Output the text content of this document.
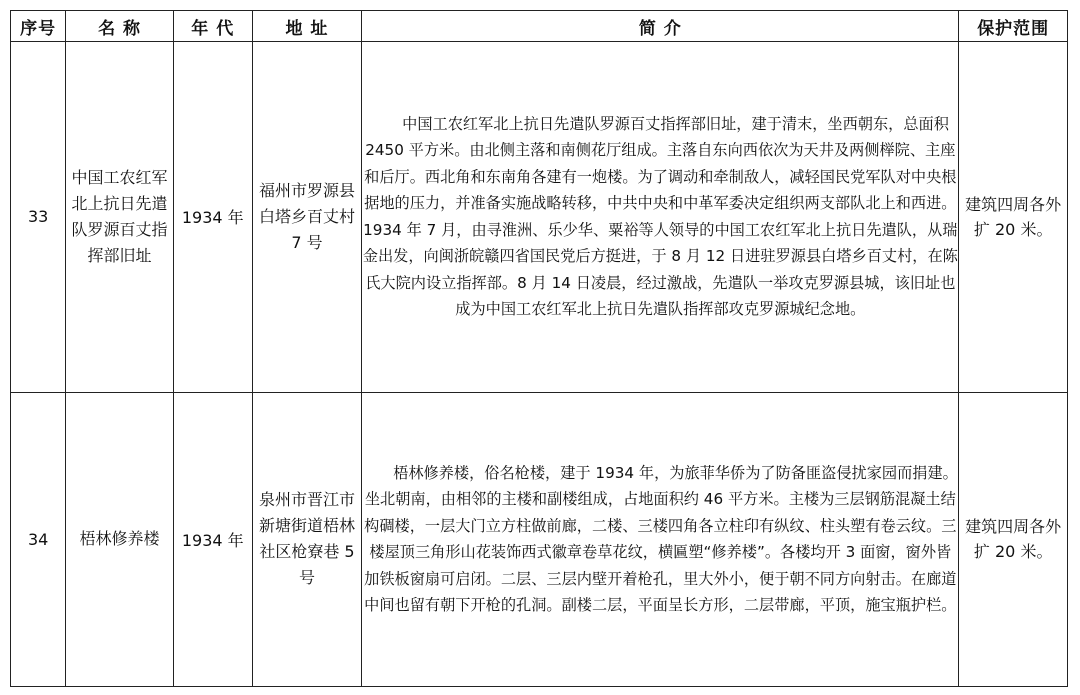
序号	名 称	年 代	地 址	简 介	保护范围
33	中国工农红军北上抗日先遣队罗源百丈指挥部旧址	1934 年	福州市罗源县白塔乡百丈村 7 号	中国工农红军北上抗日先遣队罗源百丈指挥部旧址，建于清末，坐西朝东，总面积 2450 平方米。由北侧主落和南侧花厅组成。主落自东向西依次为天井及两侧榉院、主座和后厅。西北角和东南角各建有一炮楼。为了调动和牵制敌人，减轻国民党军队对中央根据地的压力，并准备实施战略转移，中共中央和中革军委决定组织两支部队北上和西进。1934 年 7 月，由寻淮洲、乐少华、粟裕等人领导的中国工农红军北上抗日先遣队，从瑞金出发，向闽浙皖赣四省国民党后方挺进，于 8 月 12 日进驻罗源县白塔乡百丈村，在陈氏大院内设立指挥部。8 月 14 日凌晨，经过激战，先遣队一举攻克罗源县城，该旧址也成为中国工农红军北上抗日先遣队指挥部攻克罗源城纪念地。	建筑四周各外扩 20 米。
34	梧林修养楼	1934 年	泉州市晋江市新塘街道梧林社区枪寮巷 5 号	梧林修养楼，俗名枪楼，建于 1934 年，为旅菲华侨为了防备匪盗侵扰家园而捐建。坐北朝南，由相邻的主楼和副楼组成，占地面积约 46 平方米。主楼为三层钢筋混凝土结构碉楼，一层大门立方柱做前廊，二楼、三楼四角各立柱印有纵纹、柱头塑有卷云纹。三楼屋顶三角形山花装饰西式徽章卷草花纹，横匾塑“修养楼”。各楼均开 3 面窗，窗外皆加铁板窗扇可启闭。二层、三层内壁开着枪孔，里大外小，便于朝不同方向射击。在廊道中间也留有朝下开枪的孔洞。副楼二层，平面呈长方形，二层带廊，平顶，施宝瓶护栏。	建筑四周各外扩 20 米。
